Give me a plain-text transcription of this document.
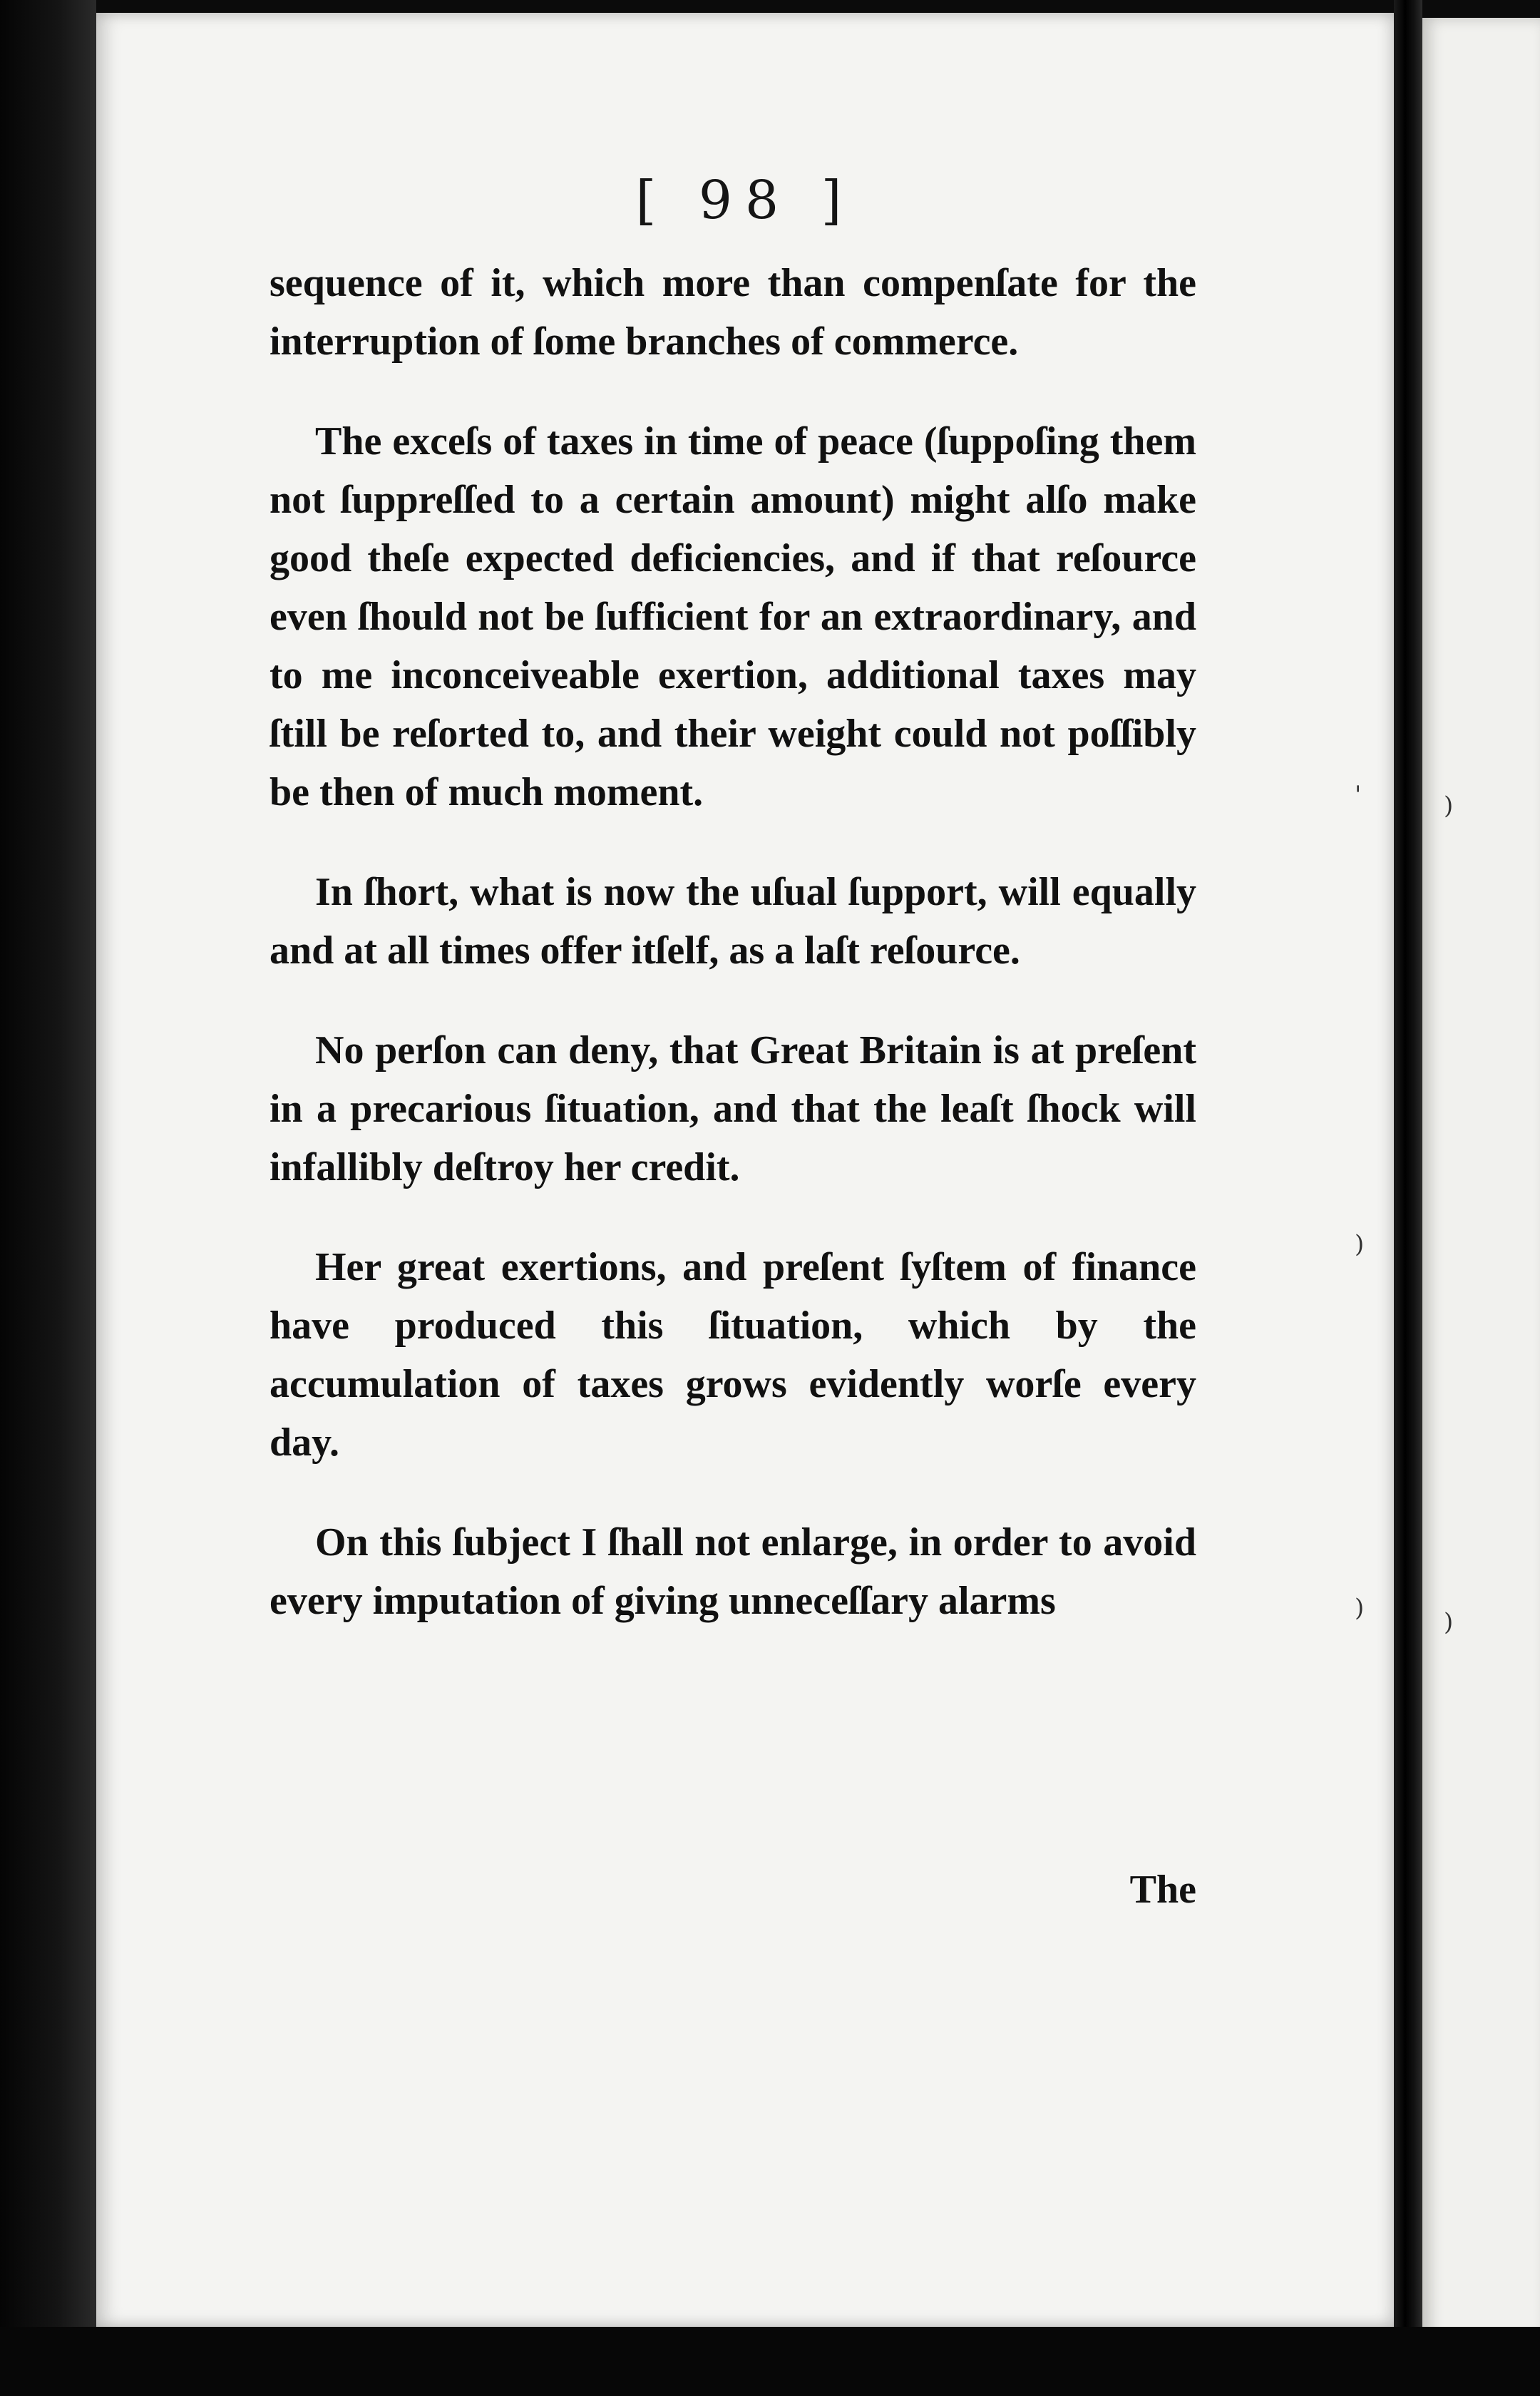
'	)
)
)	)
[ 98 ]

sequence of it, which more than compenſate for the interruption of ſome branches of commerce.

The exceſs of taxes in time of peace (ſuppoſing them not ſuppreſſed to a certain amount) might alſo make good theſe expected deficiencies, and if that reſource even ſhould not be ſufficient for an extraordinary, and to me inconceiveable exertion, additional taxes may ſtill be reſorted to, and their weight could not poſſibly be then of much moment.

In ſhort, what is now the uſual ſupport, will equally and at all times offer itſelf, as a laſt reſource.

No perſon can deny, that Great Britain is at preſent in a precarious ſituation, and that the leaſt ſhock will infallibly deſtroy her credit.

Her great exertions, and preſent ſyſtem of finance have produced this ſituation, which by the accumulation of taxes grows evidently worſe every day.

On this ſubject I ſhall not enlarge, in order to avoid every imputation of giving unneceſſary alarms

The
